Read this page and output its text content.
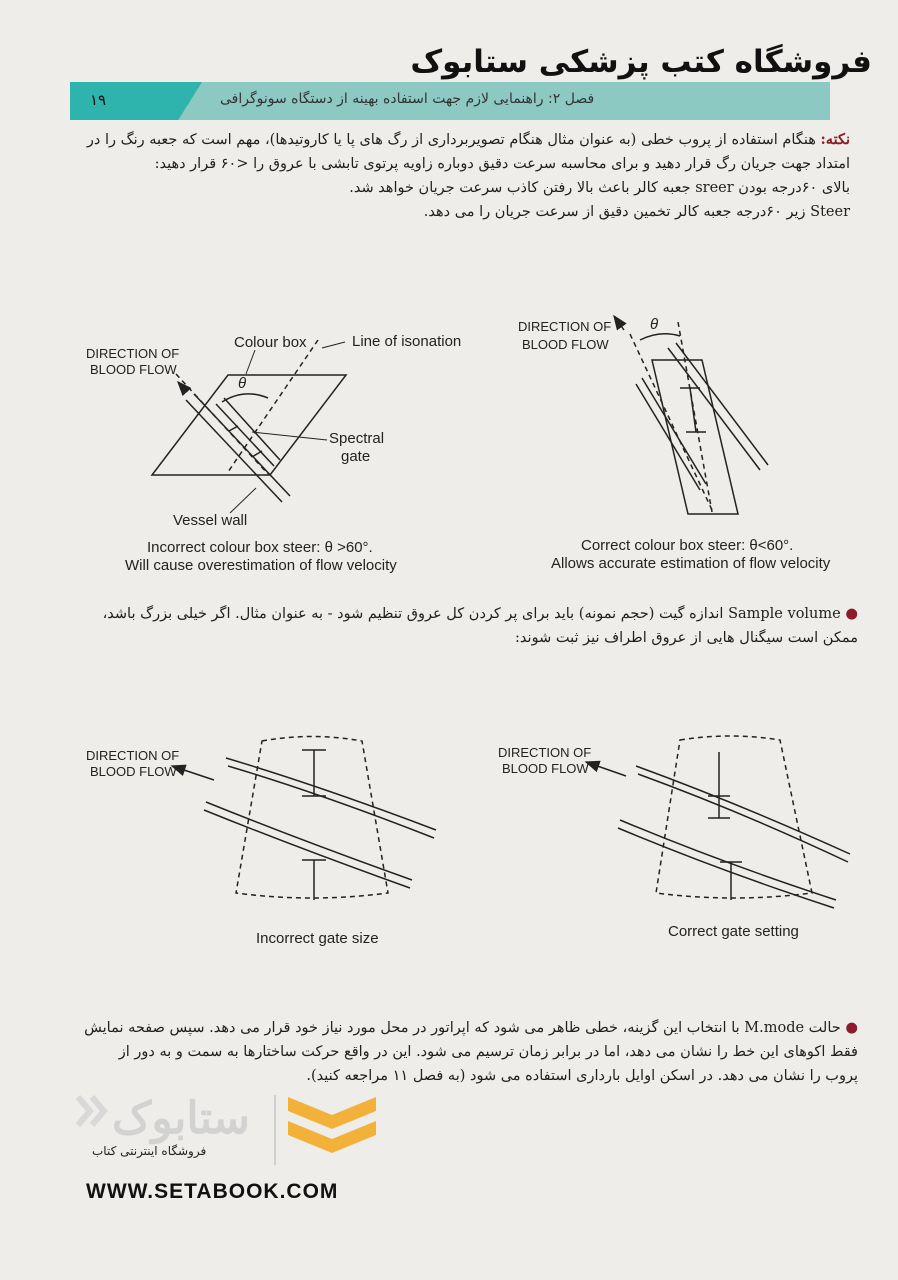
فروشگاه کتب پزشکی ستابوک
۱۹	فصل ۲: راهنمایی لازم جهت استفاده بهینه از دستگاه سونوگرافی
نکته: هنگام استفاده از پروب خطی (به عنوان مثال هنگام تصویربرداری از رگ های پا یا کاروتیدها)، مهم است که جعبه رنگ را در
امتداد جهت جریان رگ قرار دهید و برای محاسبه سرعت دقیق دوباره زاویه پرتوی تابشی با عروق را <۶۰ قرار دهید:
بالای ۶۰درجه بودن sreer جعبه کالر باعث بالا رفتن کاذب سرعت جریان خواهد شد.
Steer زیر ۶۰درجه جعبه کالر تخمین دقیق از سرعت جریان را می دهد.
DIRECTION OF
BLOOD FLOW
Colour box	Line of isonation
θ
Spectral
gate
Vessel wall
Incorrect colour box steer: θ >60°.
Will cause overestimation of flow velocity
DIRECTION OF
BLOOD FLOW
θ
Correct colour box steer: θ<60°.
Allows accurate estimation of flow velocity
● Sample volume اندازه گیت (حجم نمونه) باید برای پر کردن کل عروق تنظیم شود - به عنوان مثال. اگر خیلی بزرگ باشد،
ممکن است سیگنال هایی از عروق اطراف نیز ثبت شوند:
DIRECTION OF
BLOOD FLOW
Incorrect gate size
DIRECTION OF
BLOOD FLOW
Correct gate setting
● حالت M.mode با انتخاب این گزینه، خطی ظاهر می شود که اپراتور در محل مورد نیاز خود قرار می دهد. سپس صفحه نمایش
فقط اکوهای این خط را نشان می دهد، اما در برابر زمان ترسیم می شود. این در واقع حرکت ساختارها به سمت و به دور از
پروب را نشان می دهد. در اسکن اوایل بارداری استفاده می شود (به فصل ۱۱ مراجعه کنید).
ستابوک
فروشگاه اینترنتی کتاب
WWW.SETABOOK.COM
